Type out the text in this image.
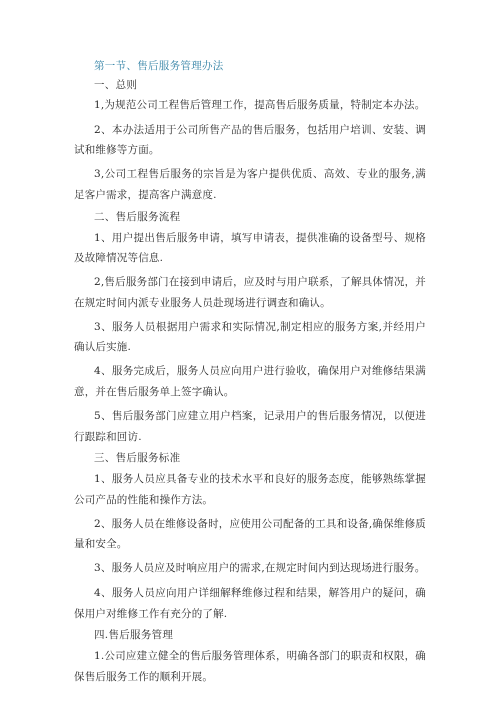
第一节、售后服务管理办法
一、总则
1,为规范公司工程售后管理工作，提高售后服务质量，特制定本办法。
2、本办法适用于公司所售产品的售后服务，包括用户培训、安装、调试和维修等方面。
3,公司工程售后服务的宗旨是为客户提供优质、高效、专业的服务,满足客户需求，提高客户满意度.
二、售后服务流程
1、用户提出售后服务申请，填写申请表，提供准确的设备型号、规格及故障情况等信息.
2,售后服务部门在接到申请后，应及时与用户联系，了解具体情况，并在规定时间内派专业服务人员赴现场进行调查和确认。
3、服务人员根据用户需求和实际情况,制定相应的服务方案,并经用户确认后实施.
4、服务完成后，服务人员应向用户进行验收，确保用户对维修结果满意，并在售后服务单上签字确认。
5、售后服务部门应建立用户档案，记录用户的售后服务情况，以便进行跟踪和回访.
三、售后服务标准
1、服务人员应具备专业的技术水平和良好的服务态度，能够熟练掌握公司产品的性能和操作方法。
2、服务人员在维修设备时，应使用公司配备的工具和设备,确保维修质量和安全。
3、服务人员应及时响应用户的需求,在规定时间内到达现场进行服务。
4、服务人员应向用户详细解释维修过程和结果，解答用户的疑问，确保用户对维修工作有充分的了解.
四.售后服务管理
1.公司应建立健全的售后服务管理体系，明确各部门的职责和权限，确保售后服务工作的顺利开展。
